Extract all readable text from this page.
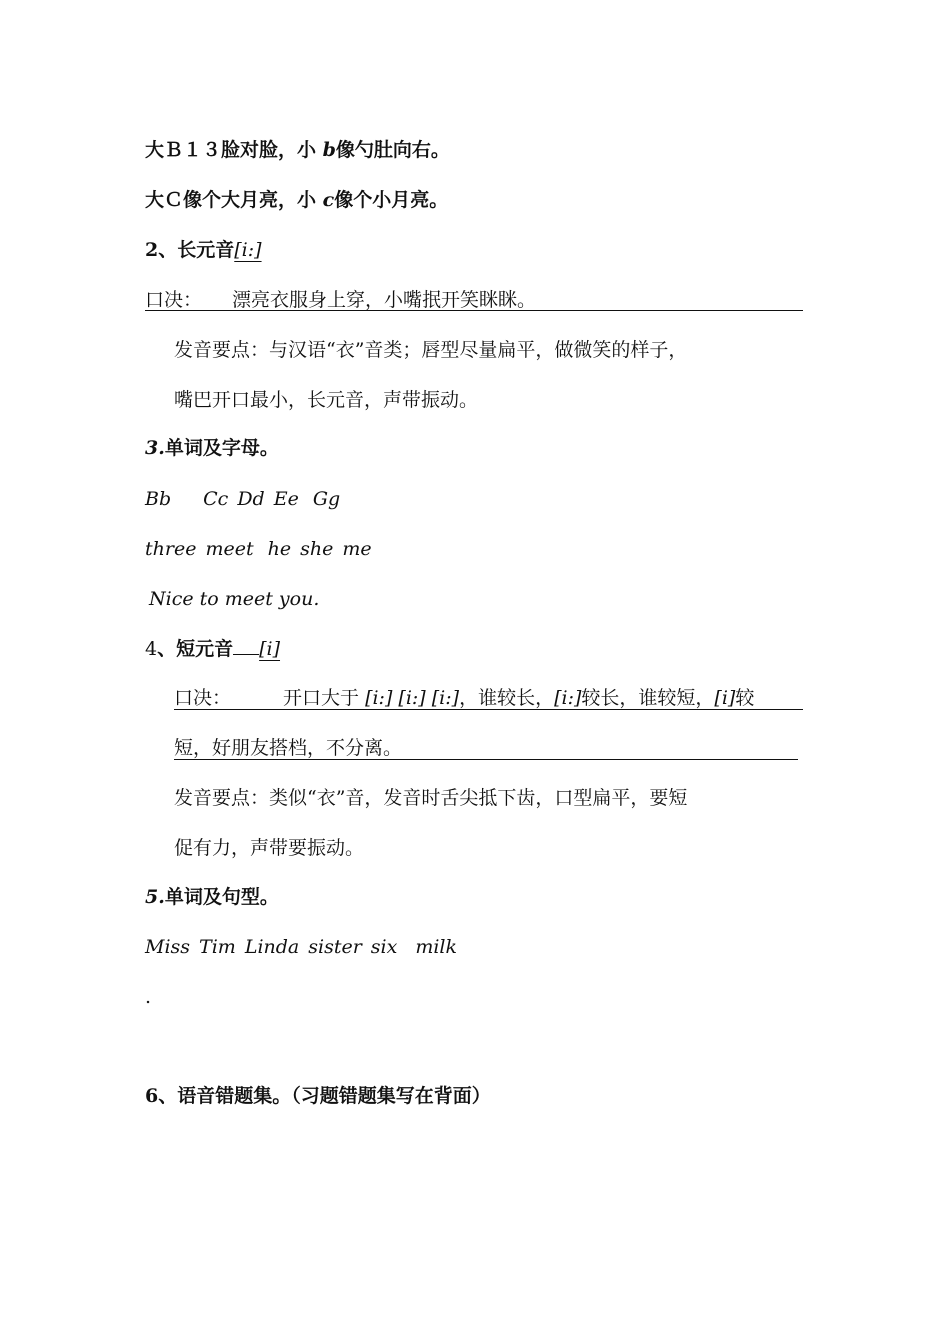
大Ｂ１３脸对脸，小 b像勺肚向右。
大Ｃ像个大月亮，小 c像个小月亮。
2、长元音[i:]
口决： 漂亮衣服身上穿，小嘴抿开笑眯眯。
发音要点：与汉语“衣”音类；唇型尽量扁平，做微笑的样子，
嘴巴开口最小，长元音，声带振动。
3.单词及字母。
Bb Cc Dd Ee Gg
three meet he she me
Nice to meet you.
4、短元音 [i]
口决：	开口大于 [i:] [i:] [i:]，谁较长，[i:]较长，谁较短，[i]较
短，好朋友搭档，不分离。
发音要点：类似“衣”音，发音时舌尖抵下齿，口型扁平，要短
促有力，声带要振动。
5.单词及句型。
Miss Tim Linda sister six milk
.
6、语音错题集。（习题错题集写在背面）
